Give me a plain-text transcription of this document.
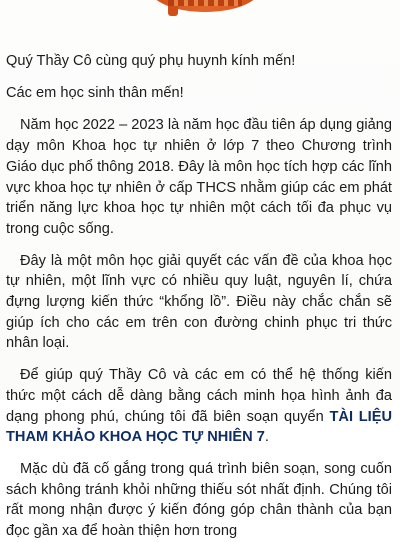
Quý Thầy Cô cùng quý phụ huynh kính mến!

Các em học sinh thân mến!

Năm học 2022 – 2023 là năm học đầu tiên áp dụng giảng dạy môn Khoa học tự nhiên ở lớp 7 theo Chương trình Giáo dục phổ thông 2018. Đây là môn học tích hợp các lĩnh vực khoa học tự nhiên ở cấp THCS nhằm giúp các em phát triển năng lực khoa học tự nhiên một cách tối đa phục vụ trong cuộc sống.

Đây là một môn học giải quyết các vấn đề của khoa học tự nhiên, một lĩnh vực có nhiều quy luật, nguyên lí, chứa đựng lượng kiến thức “khổng lồ”. Điều này chắc chắn sẽ giúp ích cho các em trên con đường chinh phục tri thức nhân loại.

Để giúp quý Thầy Cô và các em có thể hệ thống kiến thức một cách dễ dàng bằng cách minh họa hình ảnh đa dạng phong phú, chúng tôi đã biên soạn quyển TÀI LIỆU THAM KHẢO KHOA HỌC TỰ NHIÊN 7.

Mặc dù đã cố gắng trong quá trình biên soạn, song cuốn sách không tránh khỏi những thiếu sót nhất định. Chúng tôi rất mong nhận được ý kiến đóng góp chân thành của bạn đọc gần xa để hoàn thiện hơn trong
